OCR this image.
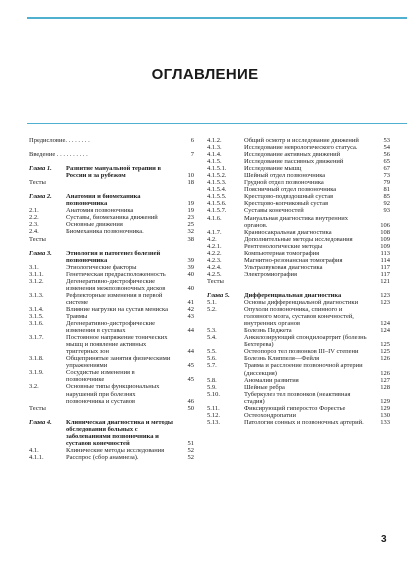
ОГЛАВЛЕНИЕ
Предисловие. . . . . . . .	6
Введение . . . . . . . . . .	7
Глава 1.	Развитие мануальной терапии в России и за рубежом	10
Тесты	18
Глава 2.	Анатомия и биомеханика позвоночника	19
2.1.	Анатомия позвоночника	19
2.2.	Суставы, биомеханика движений	23
2.3.	Основные движения	25
2.4.	Биомеханика позвоночника.	32
Тесты	38
Глава 3.	Этиология и патогенез болезней позвоночника	39
3.1.	Этиологические факторы	39
3.1.1.	Генетическая предрасположенность	40
3.1.2.	Дегенеративно-дистрофические изменения межпозвоночных дисков	40
3.1.3.	Рефлекторные изменения в первой системе	41
3.1.4.	Влияние нагрузки на сустав мениска	42
3.1.5.	Травмы	43
3.1.6.	Дегенеративно-дистрофические изменения в суставах	44
3.1.7.	Постоянное напряжение тонических мышц и появление активных триггерных зон	44
3.1.8.	Общепринятые занятия физическими упражнениями	45
3.1.9.	Сосудистые изменения в позвоночнике	45
3.2.	Основные типы функциональных нарушений при болезнях позвоночника и суставов	46
Тесты	50
Глава 4.	Клиническая диагностика и методы обследования больных с заболеваниями позвоночника и суставов конечностей	51
4.1.	Клинические методы исследования	52
4.1.1.	Расспрос (сбор анамнеза).	52
4.1.2.	Общий осмотр и исследование движений	53
4.1.3.	Исследование неврологического статуса.	54
4.1.4.	Исследование активных движений	56
4.1.5.	Исследование пассивных движений	65
4.1.5.1.	Исследование мышц	67
4.1.5.2.	Шейный отдел позвоночника	73
4.1.5.3.	Грудной отдел позвоночника	79
4.1.5.4.	Поясничный отдел позвоночника	81
4.1.5.5.	Крестцово-подвздошный сустав	85
4.1.5.6.	Крестцово-копчиковый сустав	92
4.1.5.7.	Суставы конечностей	93
4.1.6.	Мануальная диагностика внутренних органов.	106
4.1.7.	Краниосакральная диагностика	108
4.2.	Дополнительные методы исследования	109
4.2.1.	Рентгенологические методы	109
4.2.2.	Компьютерная томография	113
4.2.3.	Магнитно-резонансная томография	114
4.2.4.	Ультразвуковая диагностика	117
4.2.5.	Электромиография	117
Тесты	121
Глава 5.	Дифференциальная диагностика	123
5.1.	Основы дифференциальной диагностики	123
5.2.	Опухоли позвоночника, спинного и головного мозга, суставов конечностей, внутренних органов	124
5.3.	Болезнь Педжета	124
5.4.	Анкилозирующий спондилоартрит (болезнь Бехтерева)	125
5.5.	Остеопороз тел позвонков III–IV степени	125
5.6.	Болезнь Клиппеля—Фейля	126
5.7.	Травма и расслоение позвоночной артерии (диссекция)	126
5.8.	Аномалии развития	127
5.9.	Шейные ребра	128
5.10.	Туберкулез тел позвонков (неактивная стадия)	129
5.11.	Фиксирующий гиперостоз Форестье	129
5.12.	Остеохондропатии	130
5.13.	Патология сонных и позвоночных артерий.	133
3
